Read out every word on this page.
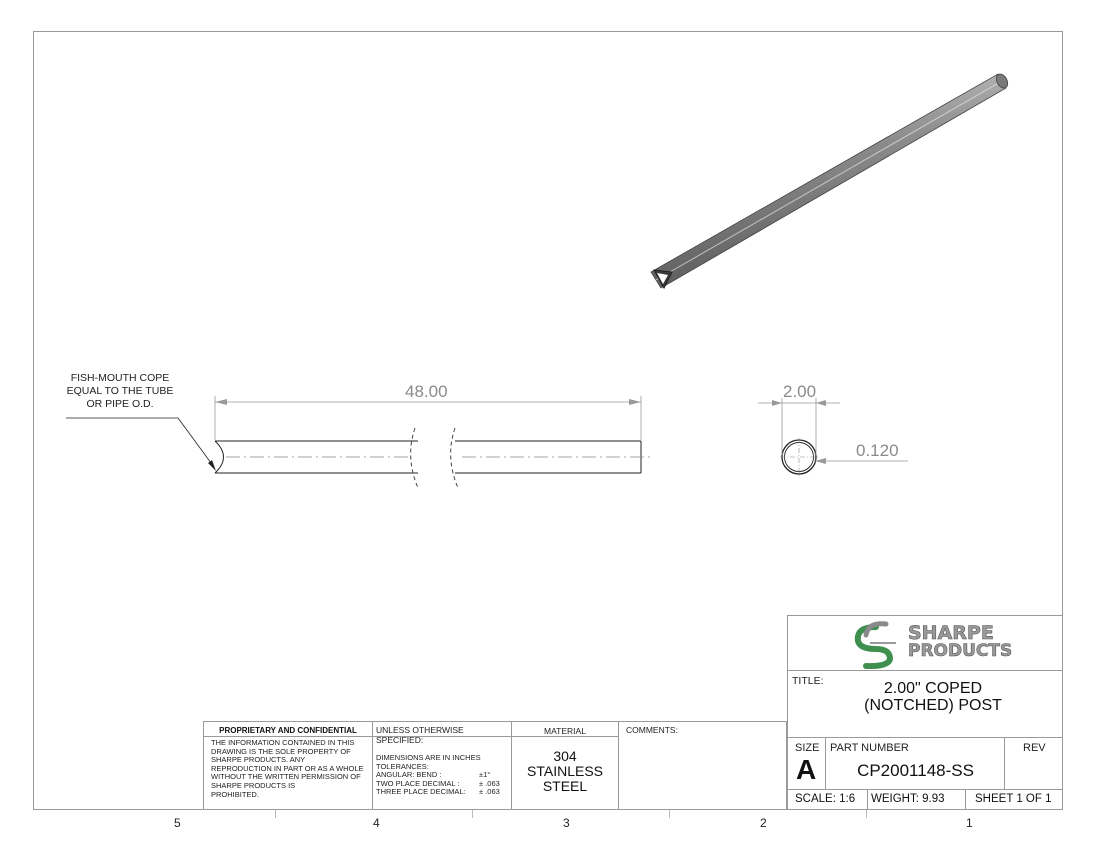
5	4	3	2	1
FISH-MOUTH COPE
EQUAL TO THE TUBE
OR PIPE O.D.
48.00	2.00
0.120
PROPRIETARY AND CONFIDENTIAL
THE INFORMATION CONTAINED IN THIS
DRAWING IS THE SOLE PROPERTY OF
SHARPE PRODUCTS. ANY
REPRODUCTION IN PART OR AS A WHOLE
WITHOUT THE WRITTEN PERMISSION OF
SHARPE PRODUCTS IS
PROHIBITED.
UNLESS OTHERWISE SPECIFIED:
DIMENSIONS ARE IN INCHES
TOLERANCES:
ANGULAR: BEND :	±1°
TWO PLACE DECIMAL :	± .063
THREE PLACE DECIMAL: ± .063
MATERIAL
304
STAINLESS
STEEL
COMMENTS:
SHARPE
PRODUCTS
TITLE:	2.00" COPED
(NOTCHED) POST
SIZE
A
PART NUMBER
CP2001148-SS
REV
SCALE: 1:6	WEIGHT: 9.93	SHEET 1 OF 1
